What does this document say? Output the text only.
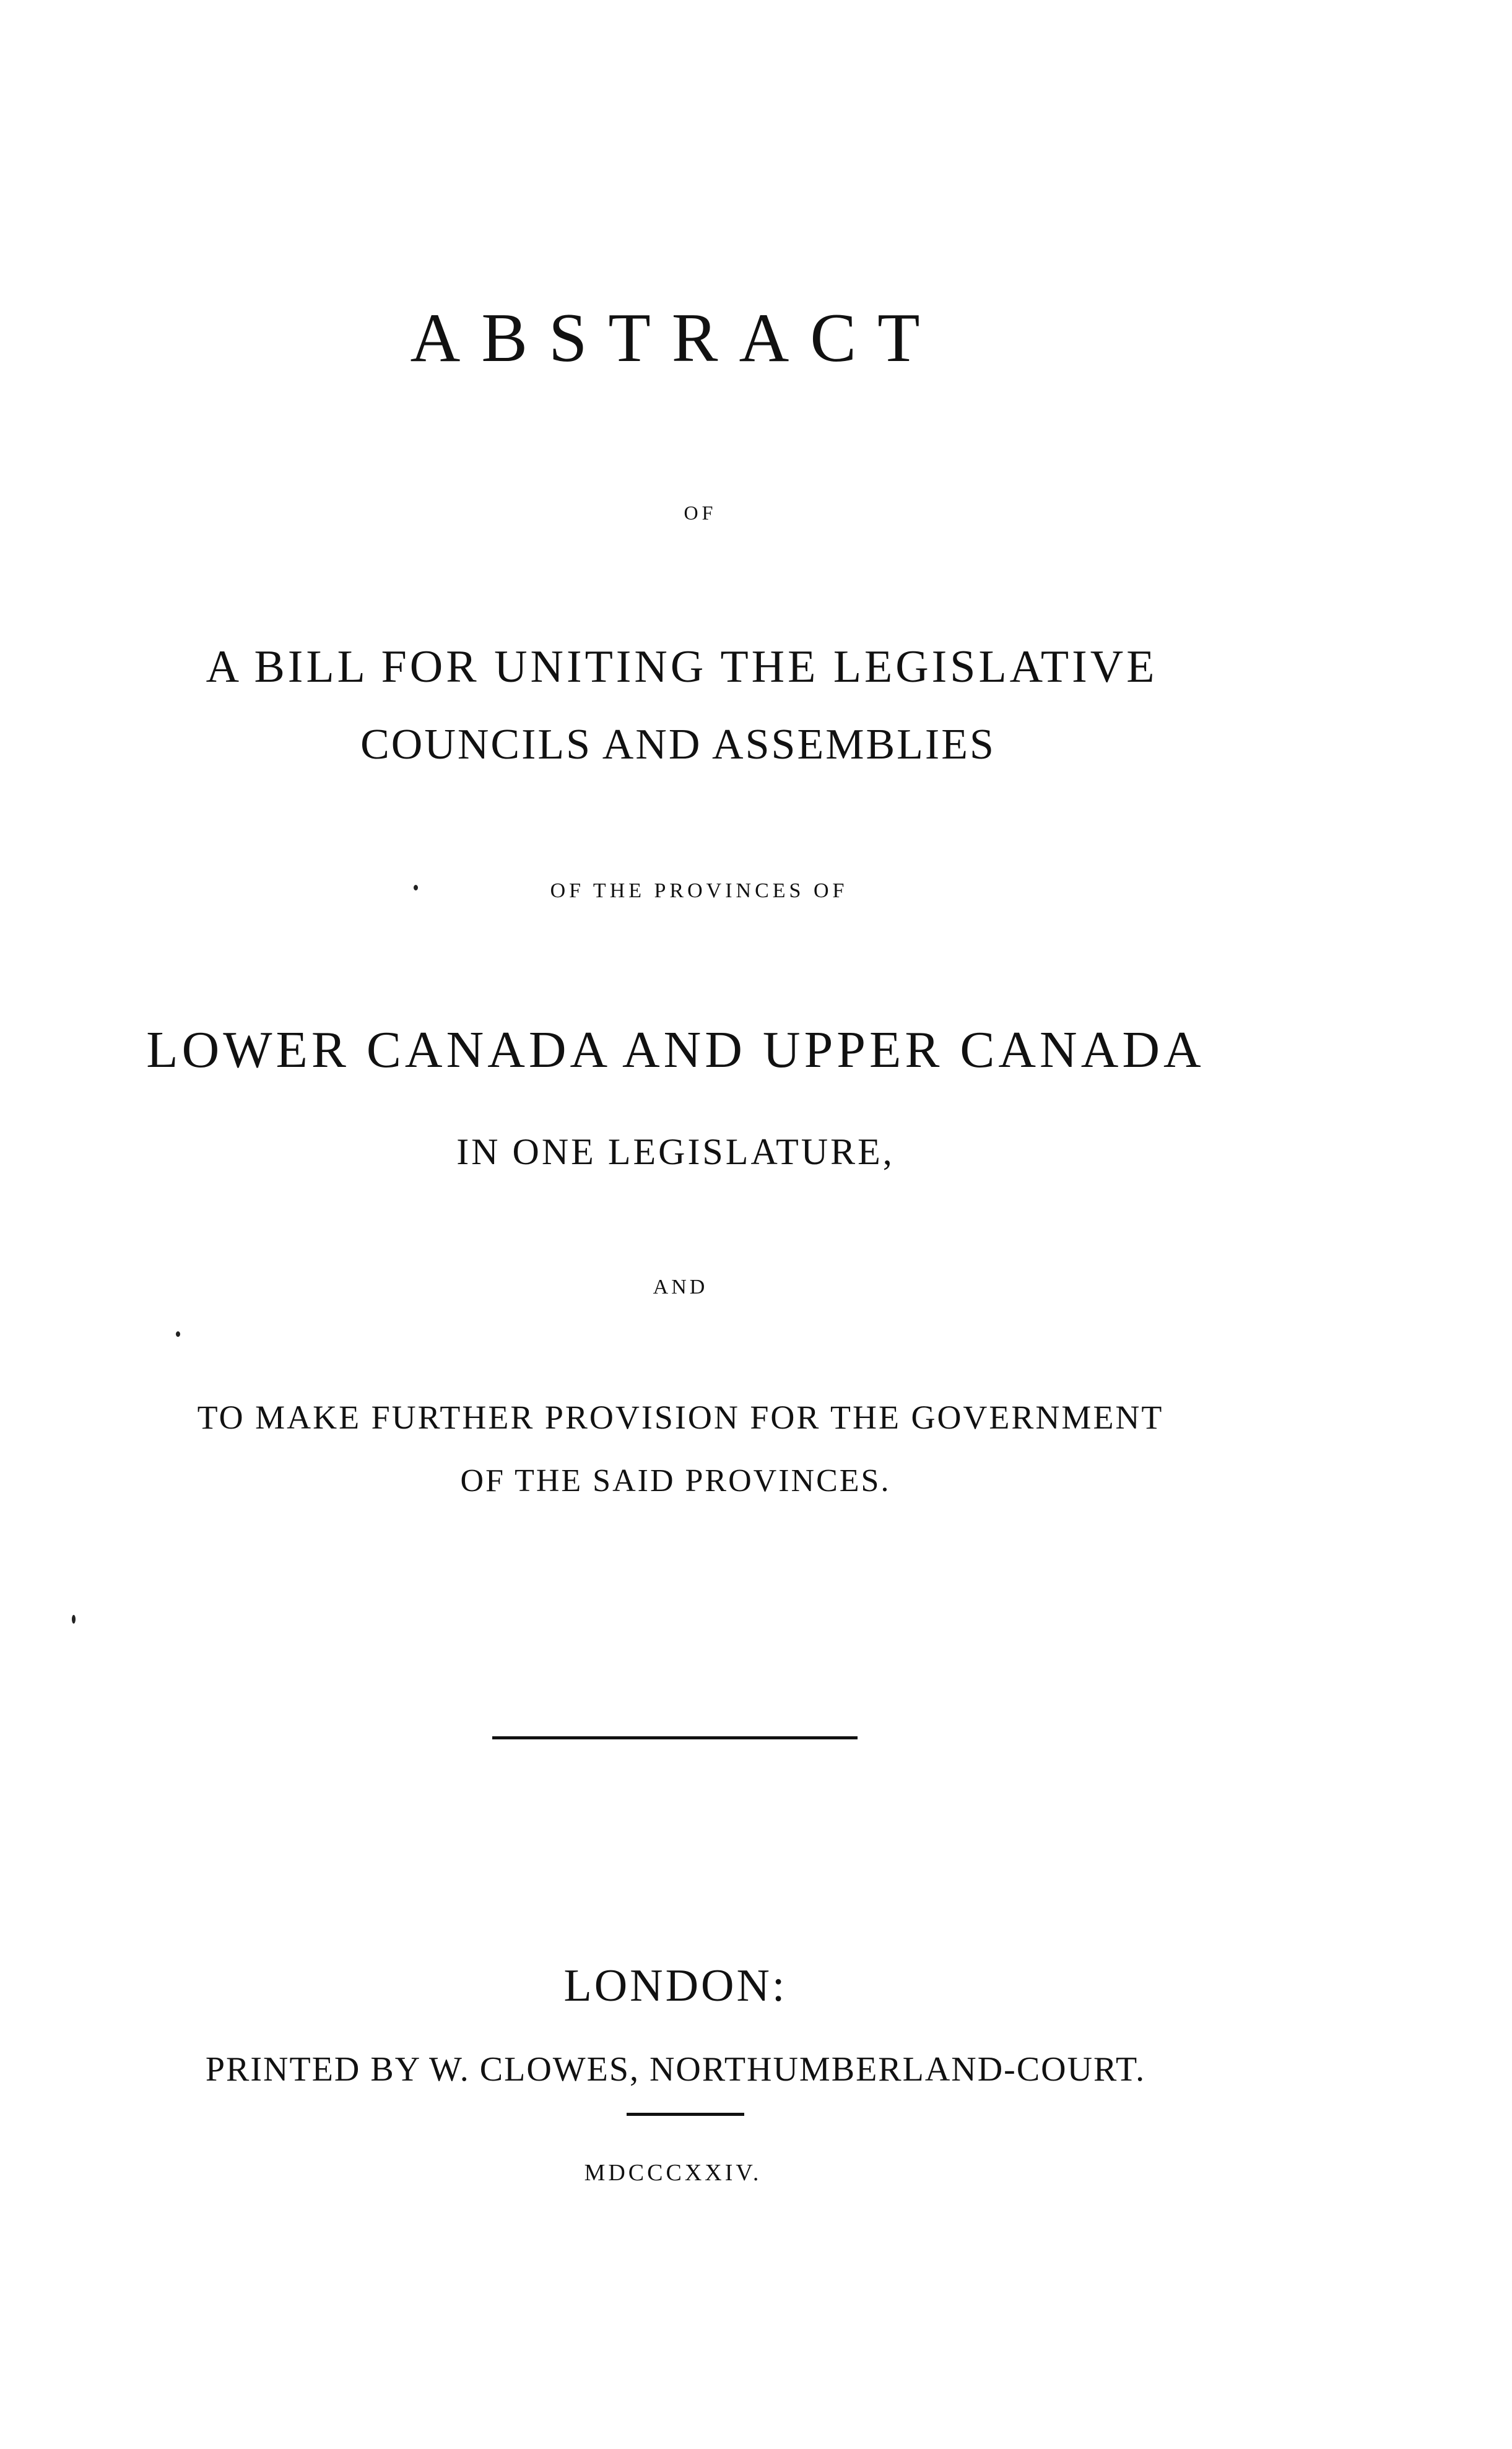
ABSTRACT
OF
A BILL FOR UNITING THE LEGISLATIVE
COUNCILS AND ASSEMBLIES
OF THE PROVINCES OF
LOWER CANADA AND UPPER CANADA
IN ONE LEGISLATURE,
AND
TO MAKE FURTHER PROVISION FOR THE GOVERNMENT
OF THE SAID PROVINCES.
LONDON:
PRINTED BY W. CLOWES, NORTHUMBERLAND-COURT.
MDCCCXXIV.
